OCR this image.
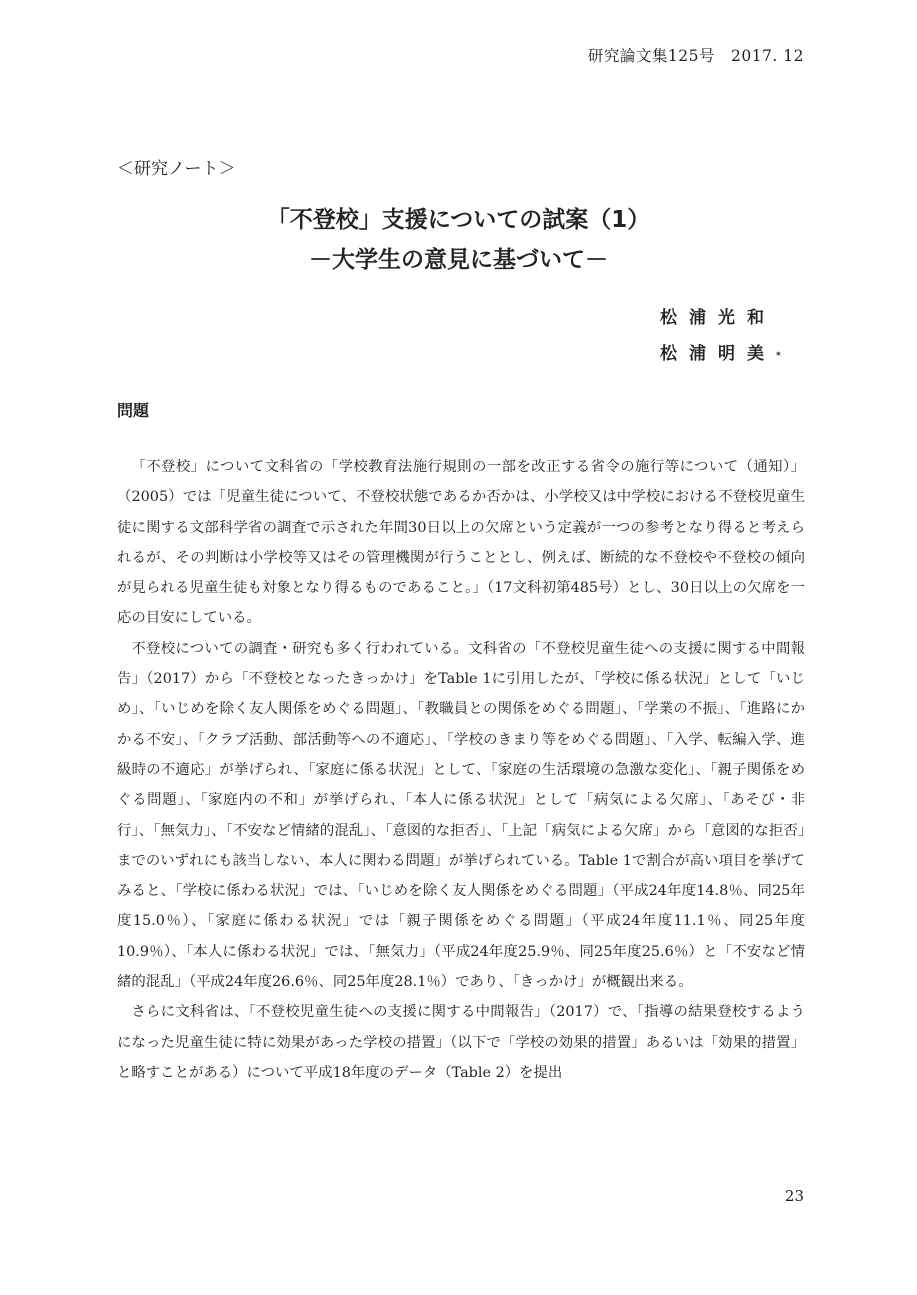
研究論文集125号　2017. 12
＜研究ノート＞
「不登校」支援についての試案（1）
－大学生の意見に基づいて－
松浦光和
松浦明美*
問題

「不登校」について文科省の「学校教育法施行規則の一部を改正する省令の施行等について（通知）」（2005）では「児童生徒について、不登校状態であるか否かは、小学校又は中学校における不登校児童生徒に関する文部科学省の調査で示された年間30日以上の欠席という定義が一つの参考となり得ると考えられるが、その判断は小学校等又はその管理機関が行うこととし、例えば、断続的な不登校や不登校の傾向が見られる児童生徒も対象となり得るものであること。」（17文科初第485号）とし、30日以上の欠席を一応の目安にしている。

不登校についての調査・研究も多く行われている。文科省の「不登校児童生徒への支援に関する中間報告」（2017）から「不登校となったきっかけ」をTable 1に引用したが、「学校に係る状況」として「いじめ」、「いじめを除く友人関係をめぐる問題」、「教職員との関係をめぐる問題」、「学業の不振」、「進路にかかる不安」、「クラブ活動、部活動等への不適応」、「学校のきまり等をめぐる問題」、「入学、転編入学、進級時の不適応」が挙げられ、「家庭に係る状況」として、「家庭の生活環境の急激な変化」、「親子関係をめぐる問題」、「家庭内の不和」が挙げられ、「本人に係る状況」として「病気による欠席」、「あそび・非行」、「無気力」、「不安など情緒的混乱」、「意図的な拒否」、「上記「病気による欠席」から「意図的な拒否」までのいずれにも該当しない、本人に関わる問題」が挙げられている。Table 1で割合が高い項目を挙げてみると、「学校に係わる状況」では、「いじめを除く友人関係をめぐる問題」（平成24年度14.8％、同25年度15.0％）、「家庭に係わる状況」では「親子関係をめぐる問題」（平成24年度11.1％、同25年度10.9％）、「本人に係わる状況」では、「無気力」（平成24年度25.9％、同25年度25.6％）と「不安など情緒的混乱」（平成24年度26.6％、同25年度28.1％）であり、「きっかけ」が概観出来る。

さらに文科省は、「不登校児童生徒への支援に関する中間報告」（2017）で、「指導の結果登校するようになった児童生徒に特に効果があった学校の措置」（以下で「学校の効果的措置」あるいは「効果的措置」と略すことがある）について平成18年度のデータ（Table 2）を提出

23
